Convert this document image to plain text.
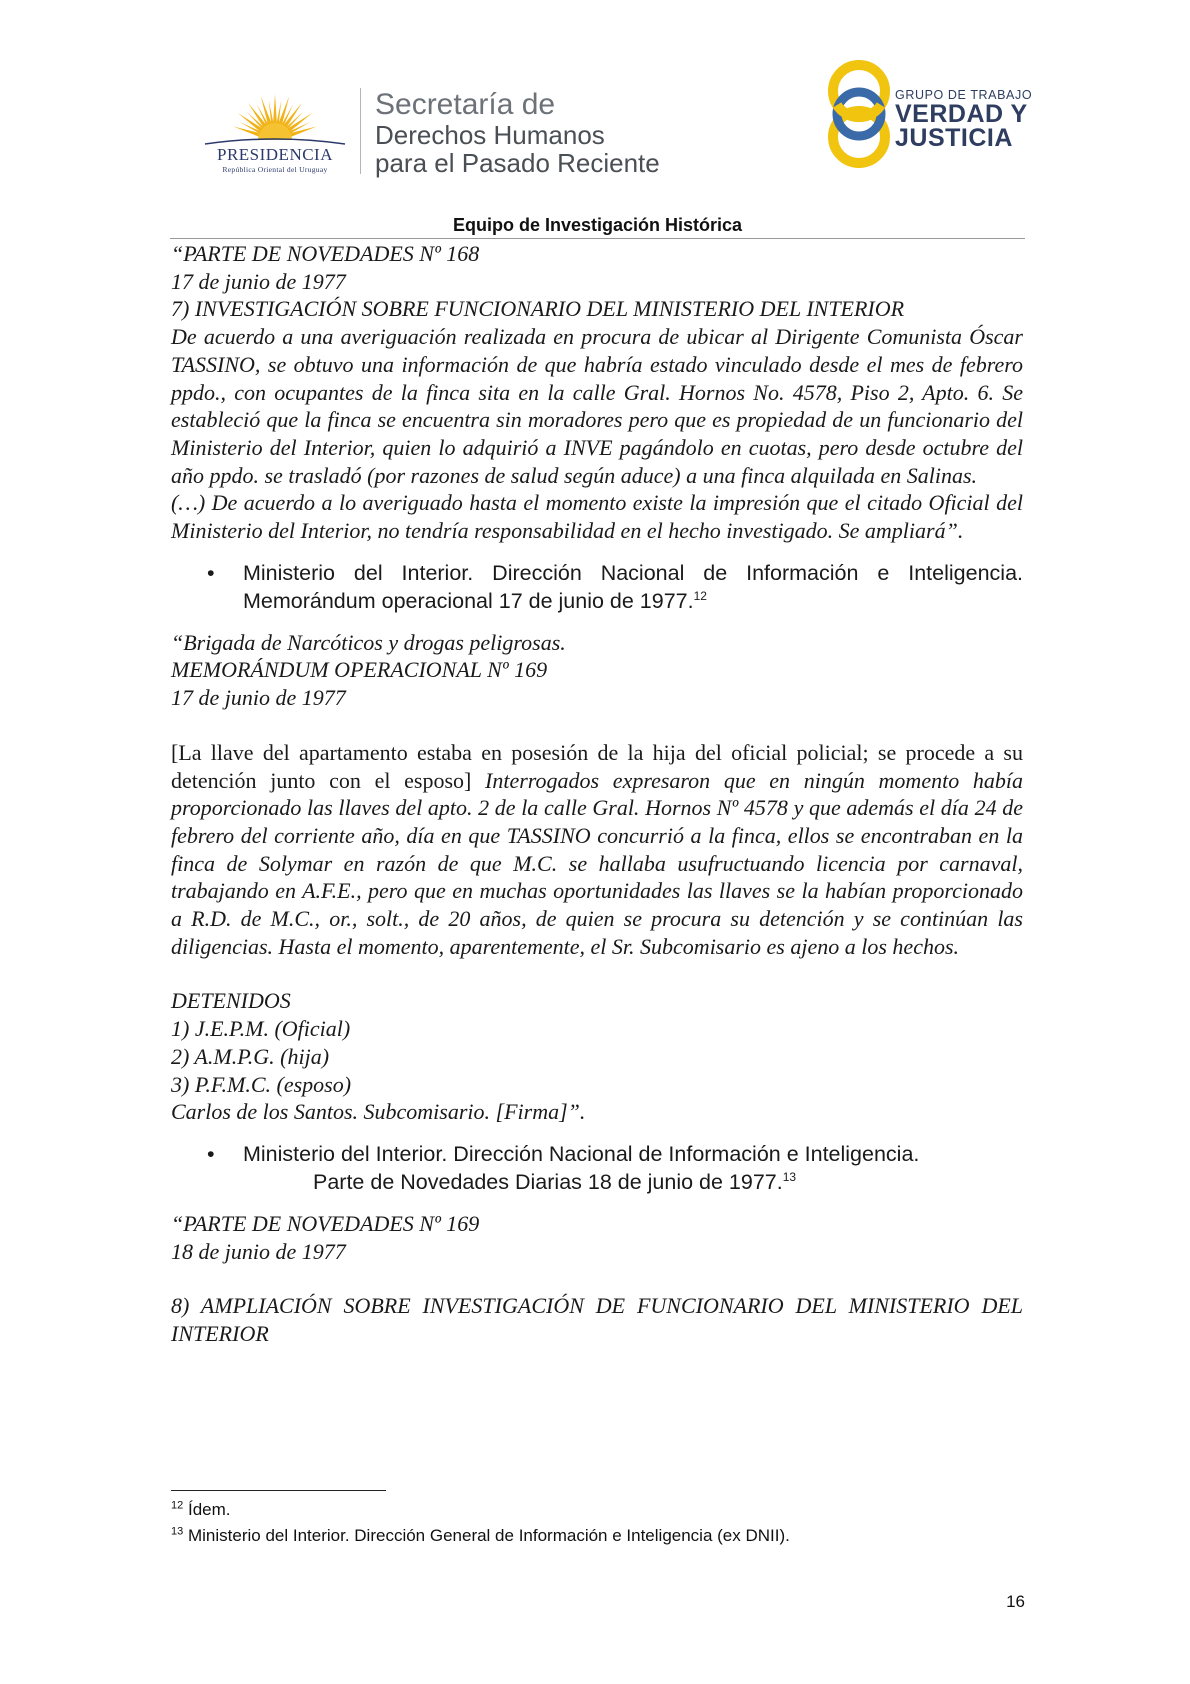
PRESIDENCIA
República Oriental del Uruguay
Secretaría de
Derechos Humanos
para el Pasado Reciente
GRUPO DE TRABAJO
VERDAD Y
JUSTICIA
Equipo de Investigación Histórica

“PARTE DE NOVEDADES Nº 168

17 de junio de 1977

7) INVESTIGACIÓN SOBRE FUNCIONARIO DEL MINISTERIO DEL INTERIOR

De acuerdo a una averiguación realizada en procura de ubicar al Dirigente Comunista Óscar TASSINO, se obtuvo una información de que habría estado vinculado desde el mes de febrero ppdo., con ocupantes de la finca sita en la calle Gral. Hornos No. 4578, Piso 2, Apto. 6. Se estableció que la finca se encuentra sin moradores pero que es propiedad de un funcionario del Ministerio del Interior, quien lo adquirió a INVE pagándolo en cuotas, pero desde octubre del año ppdo. se trasladó (por razones de salud según aduce) a una finca alquilada en Salinas.

(…) De acuerdo a lo averiguado hasta el momento existe la impresión que el citado Oficial del Ministerio del Interior, no tendría responsabilidad en el hecho investigado. Se ampliará”.

• Ministerio del Interior. Dirección Nacional de Información e Inteligencia. Memorándum operacional 17 de junio de 1977.12

“Brigada de Narcóticos y drogas peligrosas.

MEMORÁNDUM OPERACIONAL Nº 169

17 de junio de 1977

[La llave del apartamento estaba en posesión de la hija del oficial policial; se procede a su detención junto con el esposo] Interrogados expresaron que en ningún momento había proporcionado las llaves del apto. 2 de la calle Gral. Hornos Nº 4578 y que además el día 24 de febrero del corriente año, día en que TASSINO concurrió a la finca, ellos se encontraban en la finca de Solymar en razón de que M.C. se hallaba usufructuando licencia por carnaval, trabajando en A.F.E., pero que en muchas oportunidades las llaves se la habían proporcionado a R.D. de M.C., or., solt., de 20 años, de quien se procura su detención y se continúan las diligencias. Hasta el momento, aparentemente, el Sr. Subcomisario es ajeno a los hechos.

DETENIDOS

1) J.E.P.M. (Oficial)

2) A.M.P.G. (hija)

3) P.F.M.C. (esposo)

Carlos de los Santos. Subcomisario. [Firma]”.

• Ministerio del Interior. Dirección Nacional de Información e Inteligencia.
Parte de Novedades Diarias 18 de junio de 1977.13

“PARTE DE NOVEDADES Nº 169

18 de junio de 1977

8) AMPLIACIÓN SOBRE INVESTIGACIÓN DE FUNCIONARIO DEL MINISTERIO DEL INTERIOR

$^{12}$ Ídem.
$^{13}$ Ministerio del Interior. Dirección General de Información e Inteligencia (ex DNII).
16
